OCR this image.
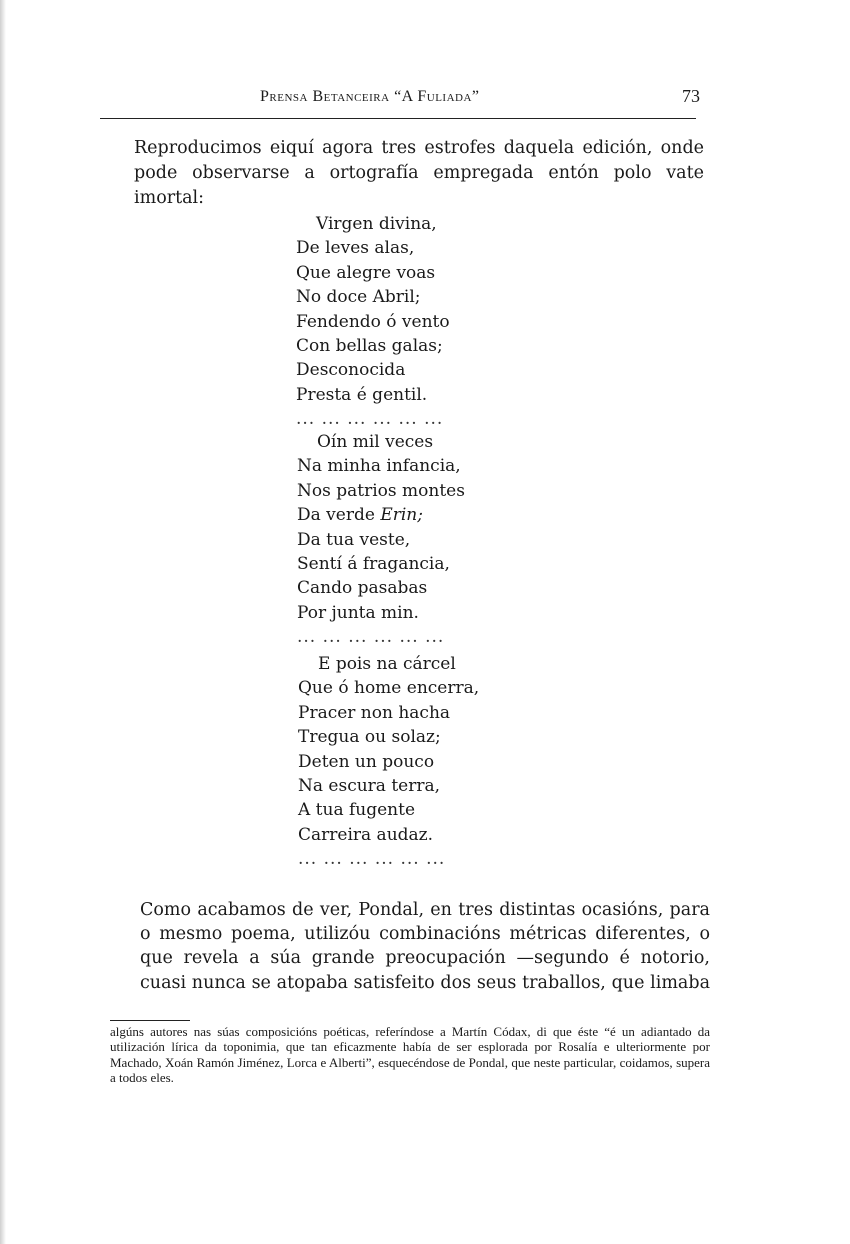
Prensa Betanceira “A Fuliada”	73
Reproducimos eiquí agora tres estrofes daquela edición, onde pode observarse a ortografía empregada entón polo vate imortal:
Virgen divina,
De leves alas,
Que alegre voas
No doce Abril;
Fendendo ó vento
Con bellas galas;
Desconocida
Presta é gentil.
... ... ... ... ... ...
Oín mil veces
Na minha infancia,
Nos patrios montes
Da verde Erin;
Da tua veste,
Sentí á fragancia,
Cando pasabas
Por junta min.
... ... ... ... ... ...
E pois na cárcel
Que ó home encerra,
Pracer non hacha
Tregua ou solaz;
Deten un pouco
Na escura terra,
A tua fugente
Carreira audaz.
... ... ... ... ... ...
Como acabamos de ver, Pondal, en tres distintas ocasións, para o mesmo poema, utilizóu combinacións métricas diferentes, o que revela a súa grande preocupación —segundo é notorio, cuasi nunca se atopaba satisfeito dos seus traballos, que limaba
algúns autores nas súas composicións poéticas, referíndose a Martín Códax, di que éste “é un adiantado da utilización lírica da toponimia, que tan eficazmente había de ser esplorada por Rosalía e ulteriormente por Machado, Xoán Ramón Jiménez, Lorca e Alberti”, esquecéndose de Pondal, que neste particular, coidamos, supera a todos eles.
